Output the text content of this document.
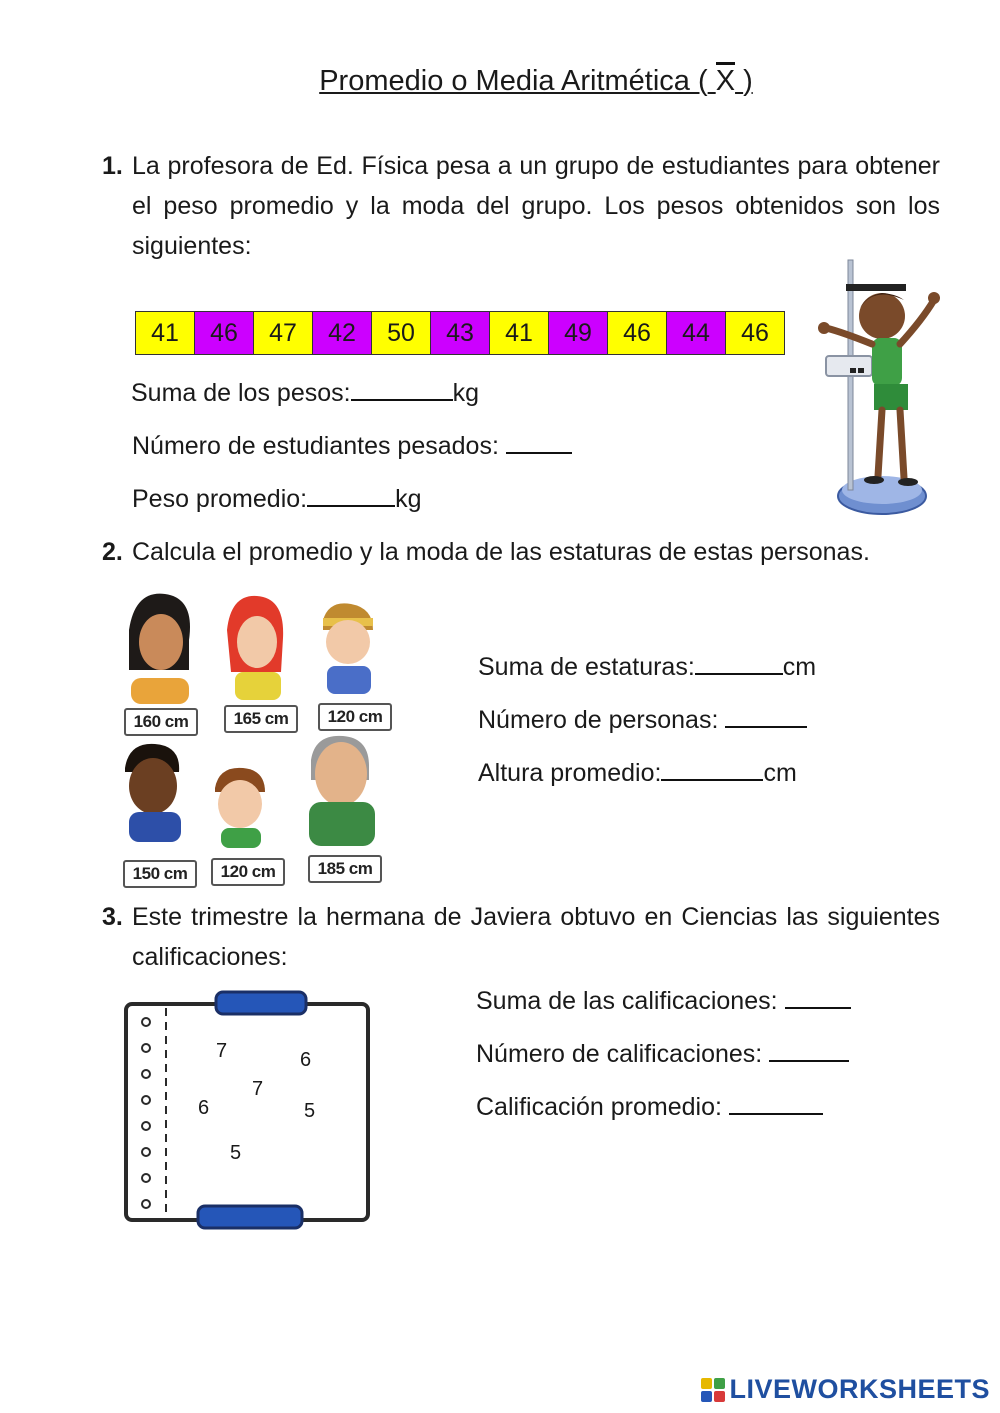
Promedio o Media Aritmética ( X )
1. La profesora de Ed. Física pesa a un grupo de estudiantes para obtener el peso promedio y la moda del grupo. Los pesos obtenidos son los siguientes:
41	46	47	42	50	43	41	49	46	44	46
Suma de los pesos:	kg
Número de estudiantes pesados:
Peso promedio:	kg
2. Calcula el promedio y la moda de las estaturas de estas personas.
160 cm	165 cm	120 cm
150 cm	120 cm	185 cm
Suma de estaturas:	cm
Número de personas:
Altura promedio:	cm
3. Este trimestre la hermana de Javiera obtuvo en Ciencias las siguientes calificaciones:
7	6
7
6	5
5
Suma de las calificaciones:
Número de calificaciones:
Calificación promedio:
LIVEWORKSHEETS
